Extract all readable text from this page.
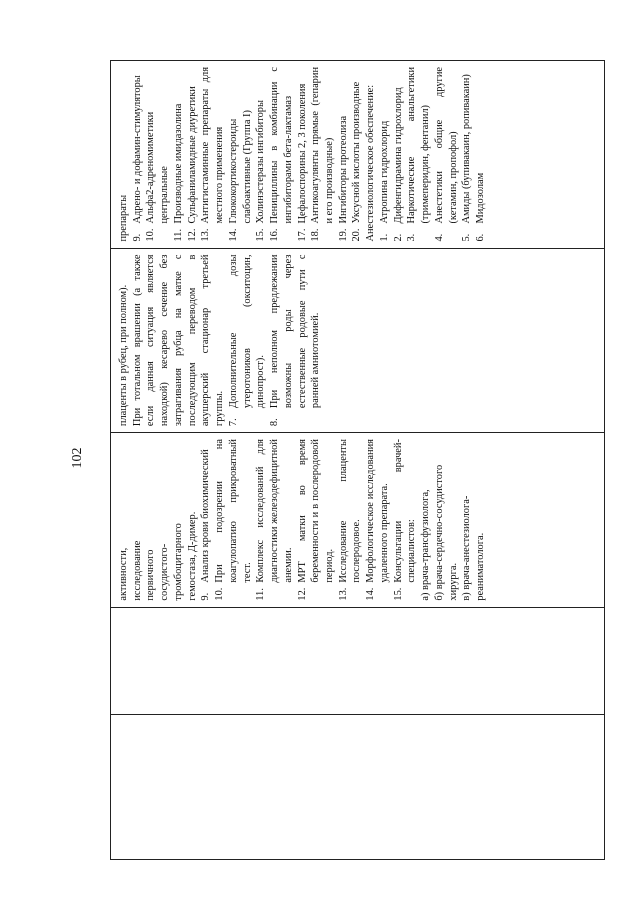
102
активности, исследование первичного сосудистого- тромбоцитарного гемостаза, Д-димер. 9.
Анализ крови биохимический
10.
При подозрении на коагулопатию прикроватный тест.
11.
Комплекс исследований для диагностики железодефицитной анемии.
12.
МРТ матки во время беременности и в послеродовой период.
13.
Исследование плаценты послеродовое.
14.
Морфологическое исследования удаленного препарата.
15.
Консультации врачей-специалистов: а) врача-трансфузиолога, б) врача-сердечно-сосудистого хирурга. в) врача-анестезиолога-реаниматолога.

плаценты в рубец, при полном). При тотальном врашении (а также если данная ситуация является находкой) кесарево сечение без затрагивания рубца на матке с последующим переводом в акушерский стационар третьей группы. 7.
Дополнительные дозы утеротоников (окситоцин, динопрост).
8.
При неполном предлежании возможны роды через естественные родовые пути с ранней амниотомией.

препараты 9.
Адрено- и дофамин-стимуляторы
10.
Альфа2-адреномиметики центральные
11.
Производные имидазолина
12.
Сульфаниламидные диуретики
13.
Антигистаминные препараты для местного применения
14.
Глюкокортикостероиды слабоактивные (Группа I)
15.
Холинэстеразы ингибиторы
16.
Пенициллины в комбинации с ингибиторами бета-лактамаз
17.
Цефалоспорины 2, 3 поколения
18.
Антикоагулянты прямые (гепарин и его производные)
19.
Ингибиторы протеолиза
20.
Уксусной кислоты производные Анестезиологическое обеспечение: 1.
Атропина гидрохлорид
2.
Дифенгидрамина гидрохлорид
3.
Наркотические анальгетики (тримеперидин, фентанил)
4.
Анестетики общие другие (кетамин, пропофол)
5.
Амиды (бупивакаин, ропивакаин)
6.
Мидозолам
